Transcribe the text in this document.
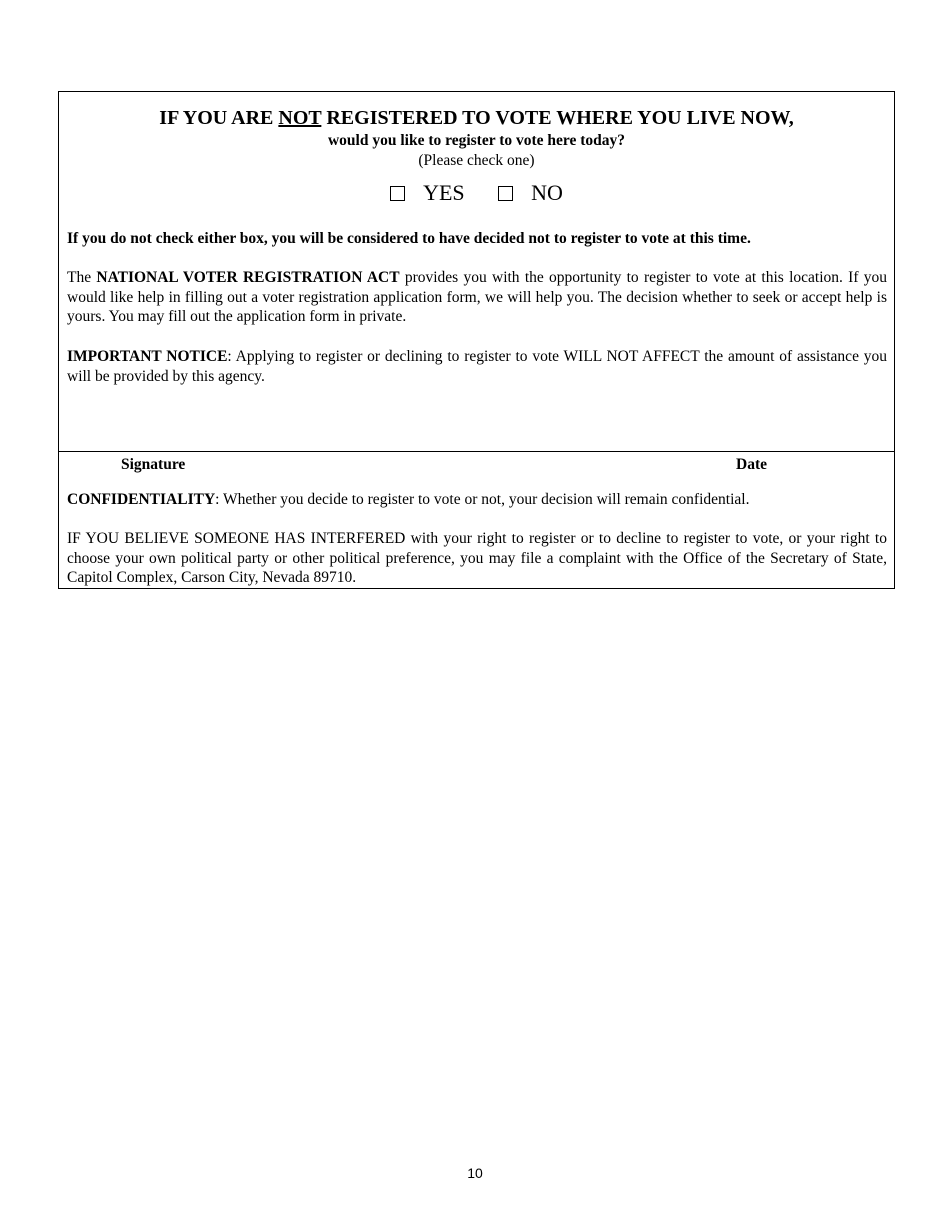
IF YOU ARE NOT REGISTERED TO VOTE WHERE YOU LIVE NOW,
would you like to register to vote here today?
(Please check one)
YES
	NO
If you do not check either box, you will be considered to have decided not to register to vote at this time.
The NATIONAL VOTER REGISTRATION ACT provides you with the opportunity to register to vote at this location. If you would like help in filling out a voter registration application form, we will help you. The decision whether to seek or accept help is yours. You may fill out the application form in private.
IMPORTANT NOTICE: Applying to register or declining to register to vote WILL NOT AFFECT the amount of assistance you will be provided by this agency.
Signature	Date
CONFIDENTIALITY: Whether you decide to register to vote or not, your decision will remain confidential.
IF YOU BELIEVE SOMEONE HAS INTERFERED with your right to register or to decline to register to vote, or your right to choose your own political party or other political preference, you may file a complaint with the Office of the Secretary of State, Capitol Complex, Carson City, Nevada 89710.
10
